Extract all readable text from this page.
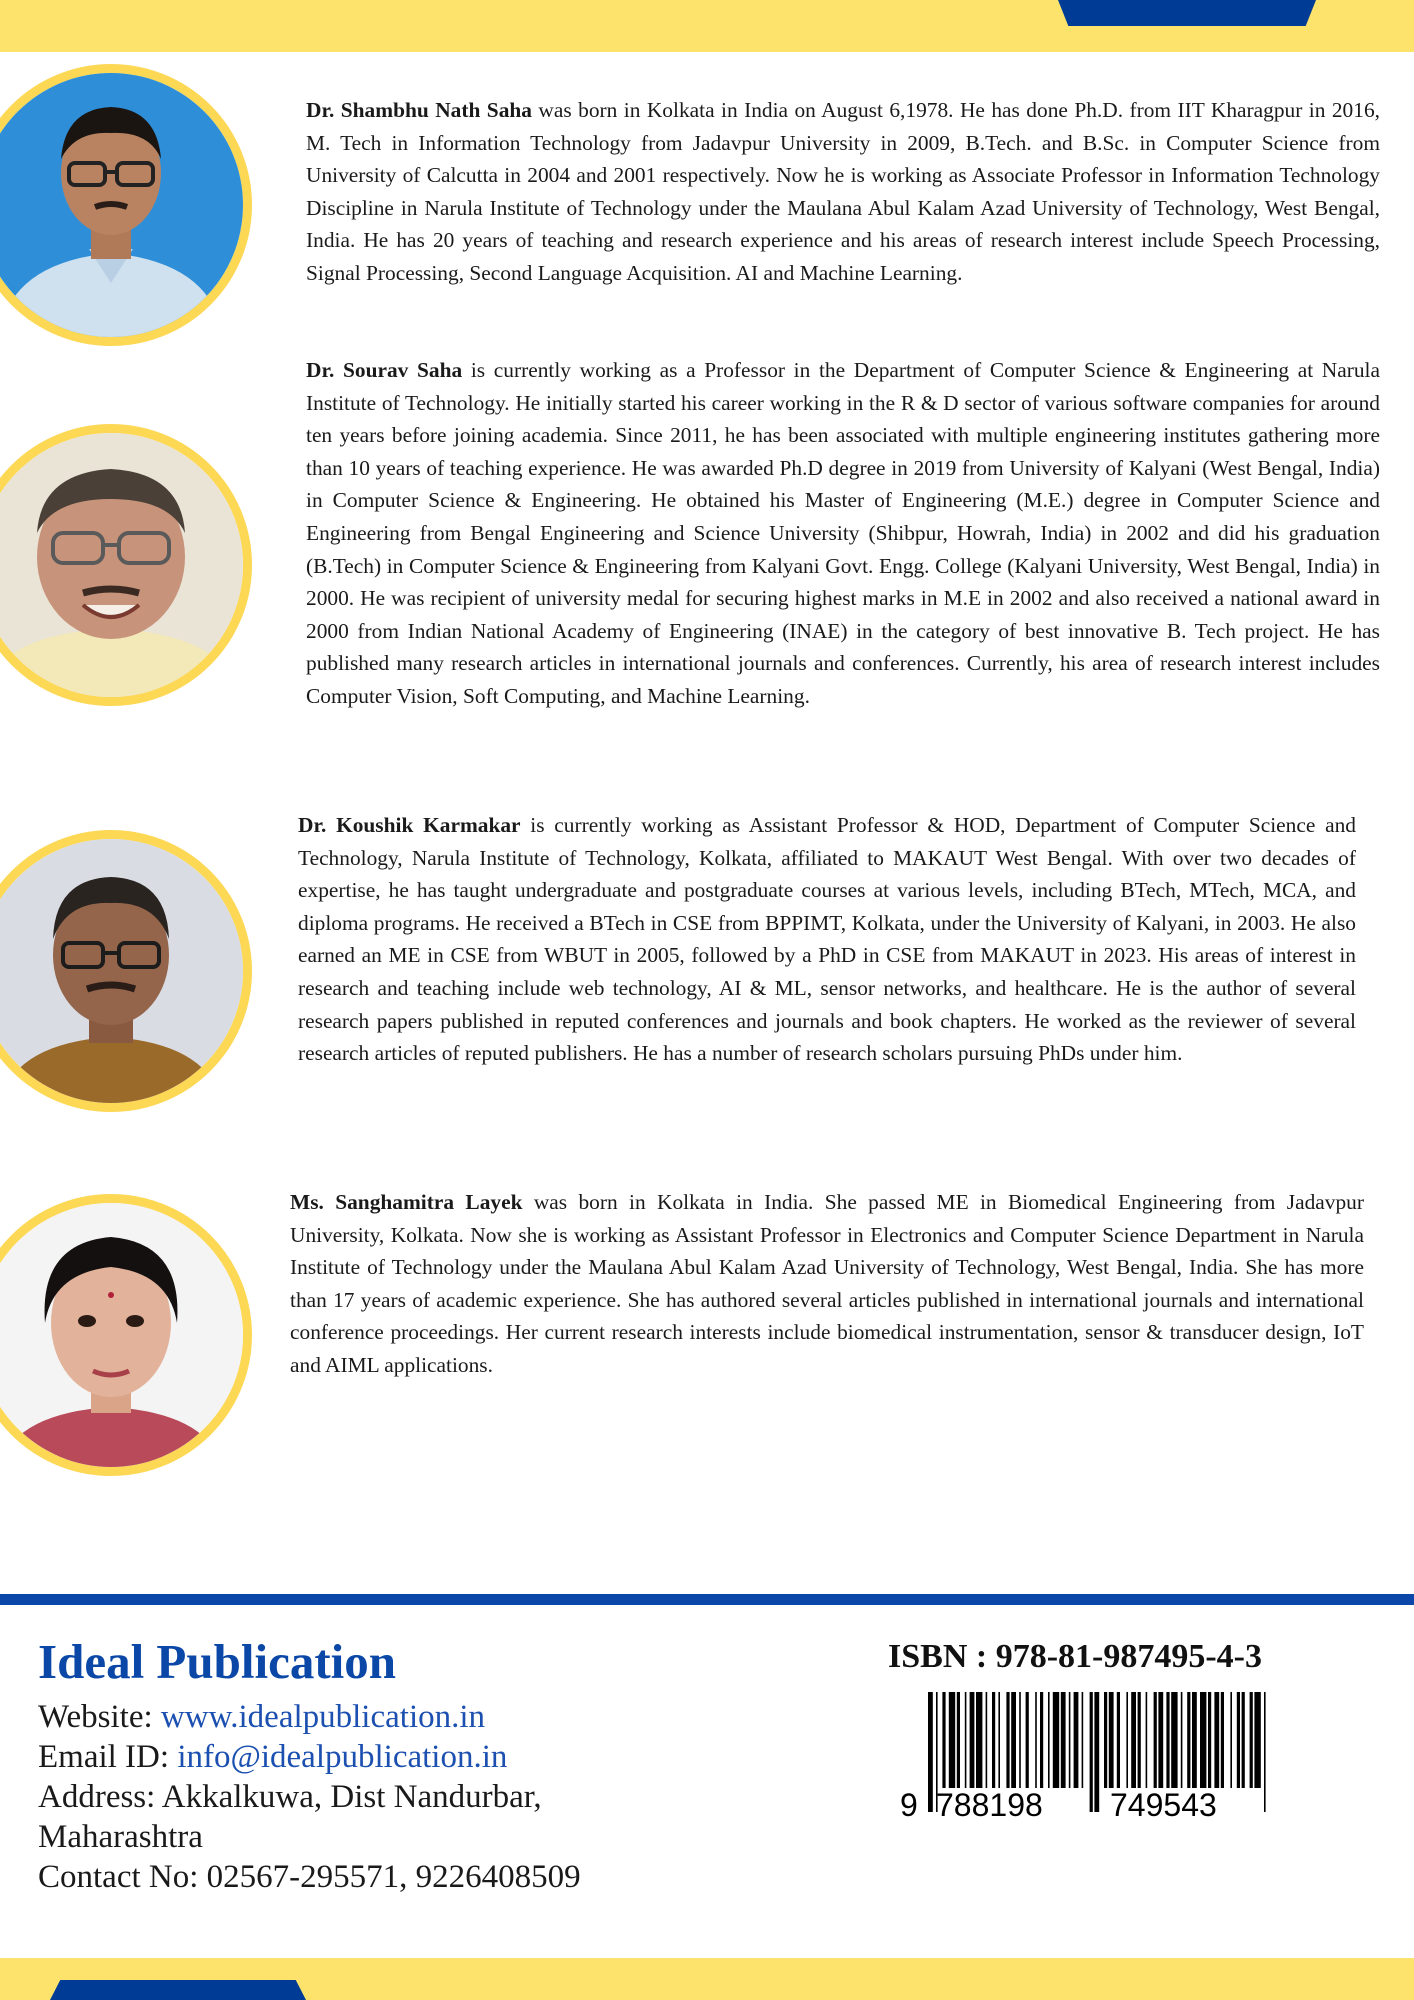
Dr. Shambhu Nath Saha was born in Kolkata in India on August 6,1978. He has done Ph.D. from IIT Kharagpur in 2016, M. Tech in Information Technology from Jadavpur University in 2009, B.Tech. and B.Sc. in Computer Science from University of Calcutta in 2004 and 2001 respectively. Now he is working as Associate Professor in Information Technology Discipline in Narula Institute of Technology under the Maulana Abul Kalam Azad University of Technology, West Bengal, India. He has 20 years of teaching and research experience and his areas of research interest include Speech Processing, Signal Processing, Second Language Acquisition. AI and Machine Learning.

Dr. Sourav Saha is currently working as a Professor in the Department of Computer Science & Engineering at Narula Institute of Technology. He initially started his career working in the R & D sector of various software companies for around ten years before joining academia. Since 2011, he has been associated with multiple engineering institutes gathering more than 10 years of teaching experience. He was awarded Ph.D degree in 2019 from University of Kalyani (West Bengal, India) in Computer Science & Engineering. He obtained his Master of Engineering (M.E.) degree in Computer Science and Engineering from Bengal Engineering and Science University (Shibpur, Howrah, India) in 2002 and did his graduation (B.Tech) in Computer Science & Engineering from Kalyani Govt. Engg. College (Kalyani University, West Bengal, India) in 2000. He was recipient of university medal for securing highest marks in M.E in 2002 and also received a national award in 2000 from Indian National Academy of Engineering (INAE) in the category of best innovative B. Tech project. He has published many research articles in international journals and conferences. Currently, his area of research interest includes Computer Vision, Soft Computing, and Machine Learning.

Dr. Koushik Karmakar is currently working as Assistant Professor & HOD, Department of Computer Science and Technology, Narula Institute of Technology, Kolkata, affiliated to MAKAUT West Bengal. With over two decades of expertise, he has taught undergraduate and postgraduate courses at various levels, including BTech, MTech, MCA, and diploma programs. He received a BTech in CSE from BPPIMT, Kolkata, under the University of Kalyani, in 2003. He also earned an ME in CSE from WBUT in 2005, followed by a PhD in CSE from MAKAUT in 2023. His areas of interest in research and teaching include web technology, AI & ML, sensor networks, and healthcare. He is the author of several research papers published in reputed conferences and journals and book chapters. He worked as the reviewer of several research articles of reputed publishers. He has a number of research scholars pursuing PhDs under him.

Ms. Sanghamitra Layek was born in Kolkata in India. She passed ME in Biomedical Engineering from Jadavpur University, Kolkata. Now she is working as Assistant Professor in Electronics and Computer Science Department in Narula Institute of Technology under the Maulana Abul Kalam Azad University of Technology, West Bengal, India. She has more than 17 years of academic experience. She has authored several articles published in international journals and international conference proceedings. Her current research interests include biomedical instrumentation, sensor & transducer design, IoT and AIML applications.

Ideal Publication

Website: www.idealpublication.in

Email ID: info@idealpublication.in

Address: Akkalkuwa, Dist Nandurbar,

Maharashtra

Contact No: 02567-295571, 9226408509

ISBN : 978-81-987495-4-3

9 788198 749543
